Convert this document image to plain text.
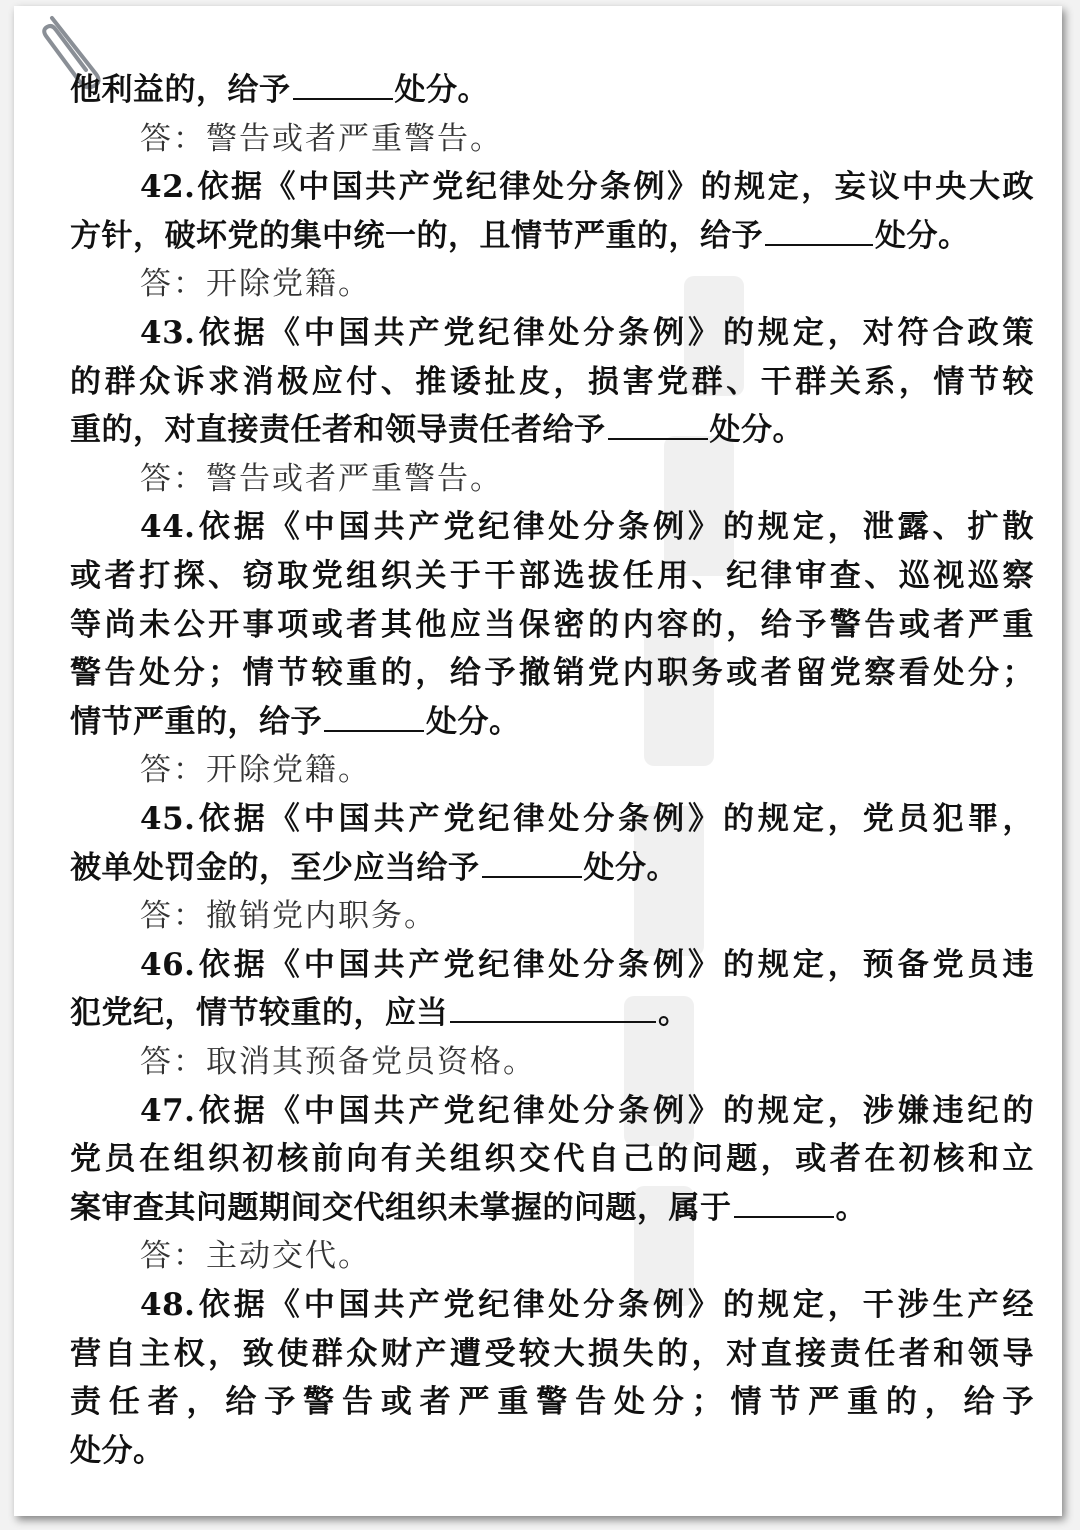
他利益的，给予	处分。
答：警告或者严重警告。
42.依据《中国共产党纪律处分条例》的规定，妄议中央大政
方针，破坏党的集中统一的，且情节严重的，给予	处分。
答：开除党籍。
43.依据《中国共产党纪律处分条例》的规定，对符合政策
的群众诉求消极应付、推诿扯皮，损害党群、干群关系，情节较
重的，对直接责任者和领导责任者给予	处分。
答：警告或者严重警告。
44.依据《中国共产党纪律处分条例》的规定，泄露、扩散
或者打探、窃取党组织关于干部选拔任用、纪律审查、巡视巡察
等尚未公开事项或者其他应当保密的内容的，给予警告或者严重
警告处分；情节较重的，给予撤销党内职务或者留党察看处分；
情节严重的，给予	处分。
答：开除党籍。
45.依据《中国共产党纪律处分条例》的规定，党员犯罪，
被单处罚金的，至少应当给予	处分。
答：撤销党内职务。
46.依据《中国共产党纪律处分条例》的规定，预备党员违
犯党纪，情节较重的，应当	。
答：取消其预备党员资格。
47.依据《中国共产党纪律处分条例》的规定，涉嫌违纪的
党员在组织初核前向有关组织交代自己的问题，或者在初核和立
案审查其问题期间交代组织未掌握的问题，属于	。
答：主动交代。
48.依据《中国共产党纪律处分条例》的规定，干涉生产经
营自主权，致使群众财产遭受较大损失的，对直接责任者和领导
责任者，给予警告或者严重警告处分；情节严重的，给予
处分。
